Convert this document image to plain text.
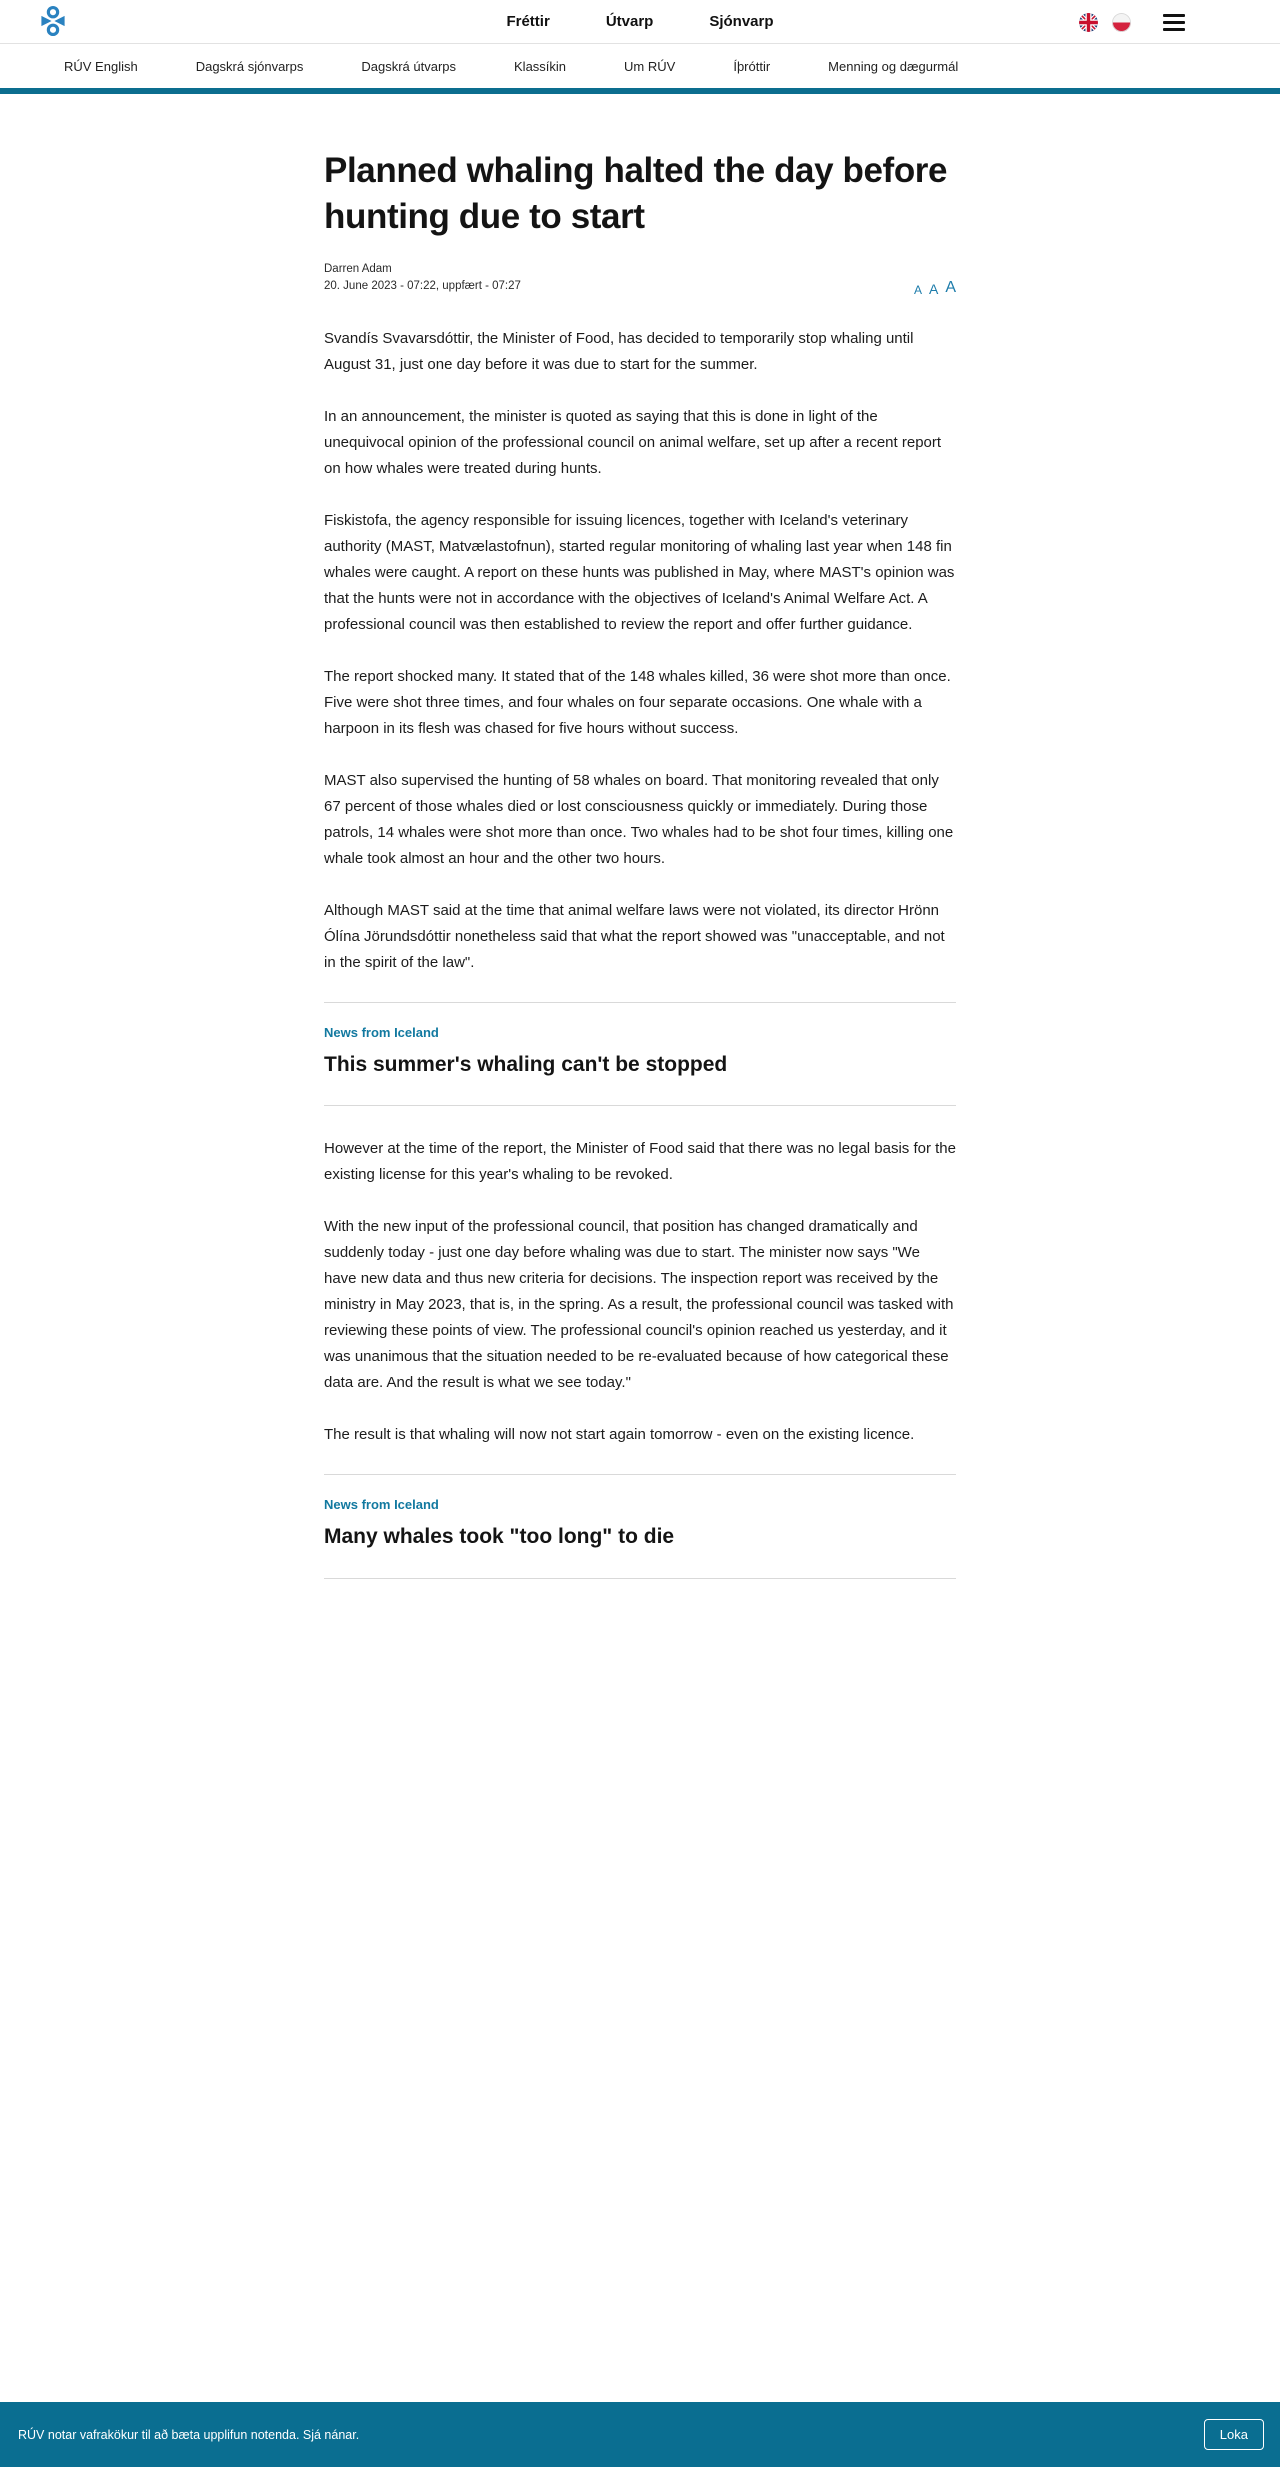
Fréttir	Útvarp	Sjónvarp
RÚV English	Dagskrá sjónvarps	Dagskrá útvarps	Klassíkin	Um RÚV	Íþróttir	Menning og dægurmál
Planned whaling halted the day before hunting due to start
Darren Adam
20. June 2023 - 07:22, uppfært - 07:27	A A A

Svandís Svavarsdóttir, the Minister of Food, has decided to temporarily stop whaling until August 31, just one day before it was due to start for the summer.

In an announcement, the minister is quoted as saying that this is done in light of the unequivocal opinion of the professional council on animal welfare, set up after a recent report on how whales were treated during hunts.

Fiskistofa, the agency responsible for issuing licences, together with Iceland's veterinary authority (MAST, Matvælastofnun), started regular monitoring of whaling last year when 148 fin whales were caught. A report on these hunts was published in May, where MAST's opinion was that the hunts were not in accordance with the objectives of Iceland's Animal Welfare Act. A professional council was then established to review the report and offer further guidance.

The report shocked many. It stated that of the 148 whales killed, 36 were shot more than once. Five were shot three times, and four whales on four separate occasions. One whale with a harpoon in its flesh was chased for five hours without success.

MAST also supervised the hunting of 58 whales on board. That monitoring revealed that only 67 percent of those whales died or lost consciousness quickly or immediately. During those patrols, 14 whales were shot more than once. Two whales had to be shot four times, killing one whale took almost an hour and the other two hours.

Although MAST said at the time that animal welfare laws were not violated, its director Hrönn Ólína Jörundsdóttir nonetheless said that what the report showed was "unacceptable, and not in the spirit of the law".

News from Iceland
This summer's whaling can't be stopped

However at the time of the report, the Minister of Food said that there was no legal basis for the existing license for this year's whaling to be revoked.

With the new input of the professional council, that position has changed dramatically and suddenly today - just one day before whaling was due to start. The minister now says "We have new data and thus new criteria for decisions. The inspection report was received by the ministry in May 2023, that is, in the spring. As a result, the professional council was tasked with reviewing these points of view. The professional council's opinion reached us yesterday, and it was unanimous that the situation needed to be re-evaluated because of how categorical these data are. And the result is what we see today."

The result is that whaling will now not start again tomorrow - even on the existing licence.

News from Iceland
Many whales took "too long" to die
RÚV notar vafrakökur til að bæta upplifun notenda. Sjá nánar.	Loka
